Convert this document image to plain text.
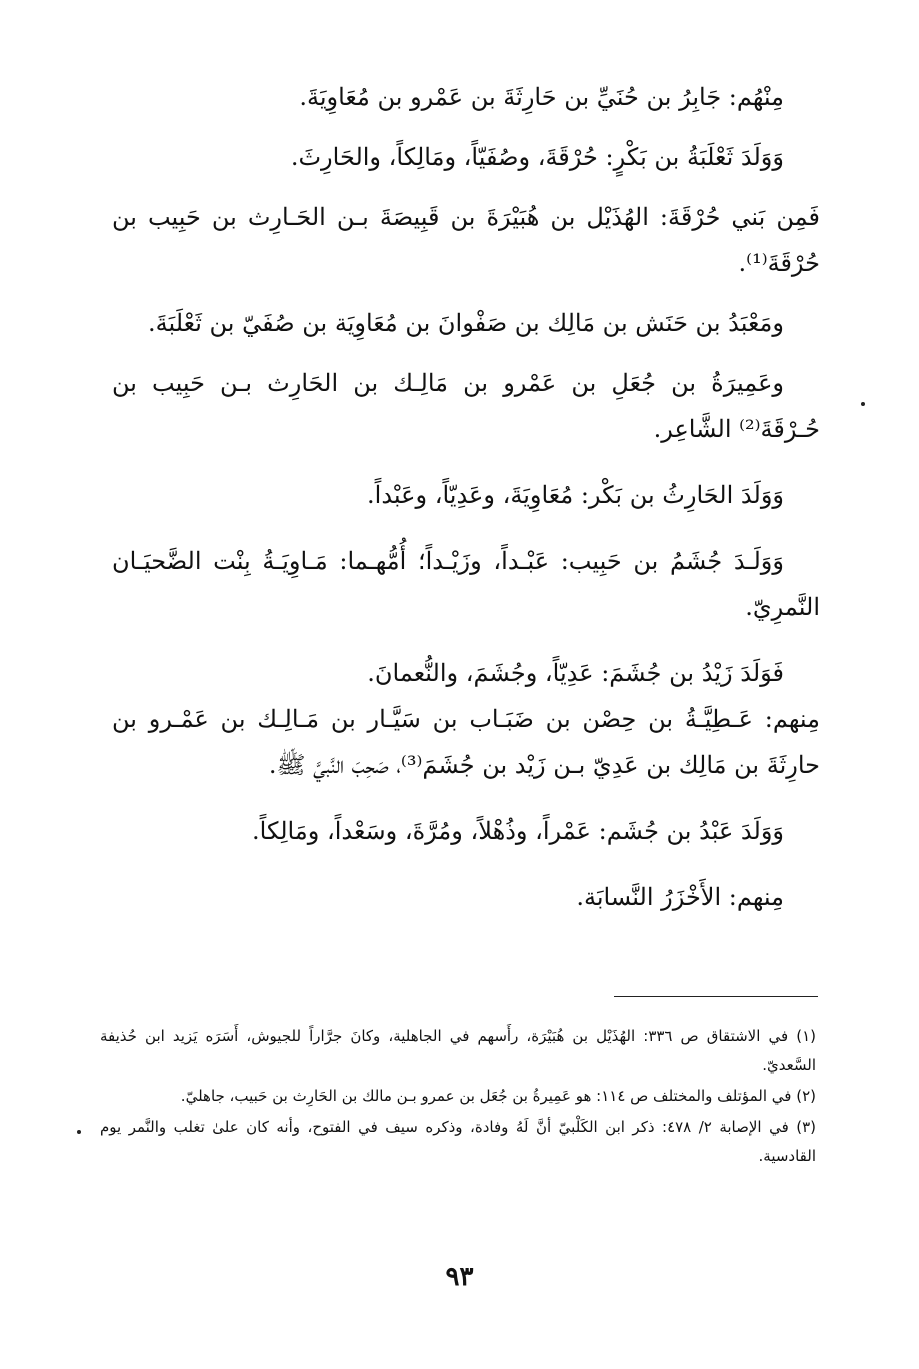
مِنْهُم: جَابِرُ بن حُنَيِّ بن حَارِثَةَ بن عَمْرو بن مُعَاوِيَةَ.

وَوَلَدَ ثَعْلَبَةُ بن بَكْرٍ: حُرْقَةَ، وصُفَيّاً، ومَالِكاً، والحَارِثَ.

فَمِن بَني حُرْقَةَ: الهُذَيْل بن هُبَيْرَةَ بن قَبِيصَةَ بـن الحَـارِث بن حَبِيب بن حُرْقَةَ⁽¹⁾.

ومَعْبَدُ بن حَنَش بن مَالِك بن صَفْوانَ بن مُعَاوِيَة بن صُفَيّ بن ثَعْلَبَةَ.

وعَمِيرَةُ بن جُعَلِ بن عَمْرو بن مَالِـك بن الحَارِث بـن حَبِيب بن حُـرْقَةَ⁽²⁾ الشَّاعِر.

وَوَلَدَ الحَارِثُ بن بَكْر: مُعَاوِيَةَ، وعَدِيّاً، وعَبْداً.

وَوَلَـدَ جُشَمُ بن حَبِيب: عَبْـداً، وزَيْـداً؛ أُمُّهـما: مَـاوِيَـةُ بِنْت الضَّحيَـان النَّمرِيّ.

فَوَلَدَ زَيْدُ بن جُشَمَ: عَدِيّاً، وجُشَمَ، والنُّعمانَ.

مِنهم: عَـطِيَّـةُ بن حِصْن بن ضَبَـاب بن سَيَّـار بن مَـالِـك بن عَمْـرو بن حارِثَةَ بن مَالِك بن عَدِيّ بـن زَيْد بن جُشَمَ⁽³⁾، صَحِبَ النَّبيَّ ﷺ.

وَوَلَدَ عَبْدُ بن جُشَم: عَمْراً، وذُهْلاً، ومُرَّةَ، وسَعْداً، ومَالِكاً.

مِنهم: الأَخْزَرُ النَّسابَة.

(١) في الاشتقاق ص ٣٣٦: الهُذَيْل بن هُبَيْرَة، رأَسهم في الجاهلية، وكانَ جرَّاراً للجيوش، أَسَرَه يَزيد ابن حُذيفة السَّعديّ.

(٢) في المؤتلف والمختلف ص ١١٤: هو عَمِيرةُ بن جُعَل بن عمرو بـن مالك بن الحَارِث بن حَبيب، جاهليّ.

(٣) في الإصابة ٢/ ٤٧٨: ذكر ابن الكَلْبيّ أنَّ لَهُ وفادة، وذكره سيف في الفتوح، وأنه كان علىٰ تغلب والنَّمر يوم القادسية.

٩٣
